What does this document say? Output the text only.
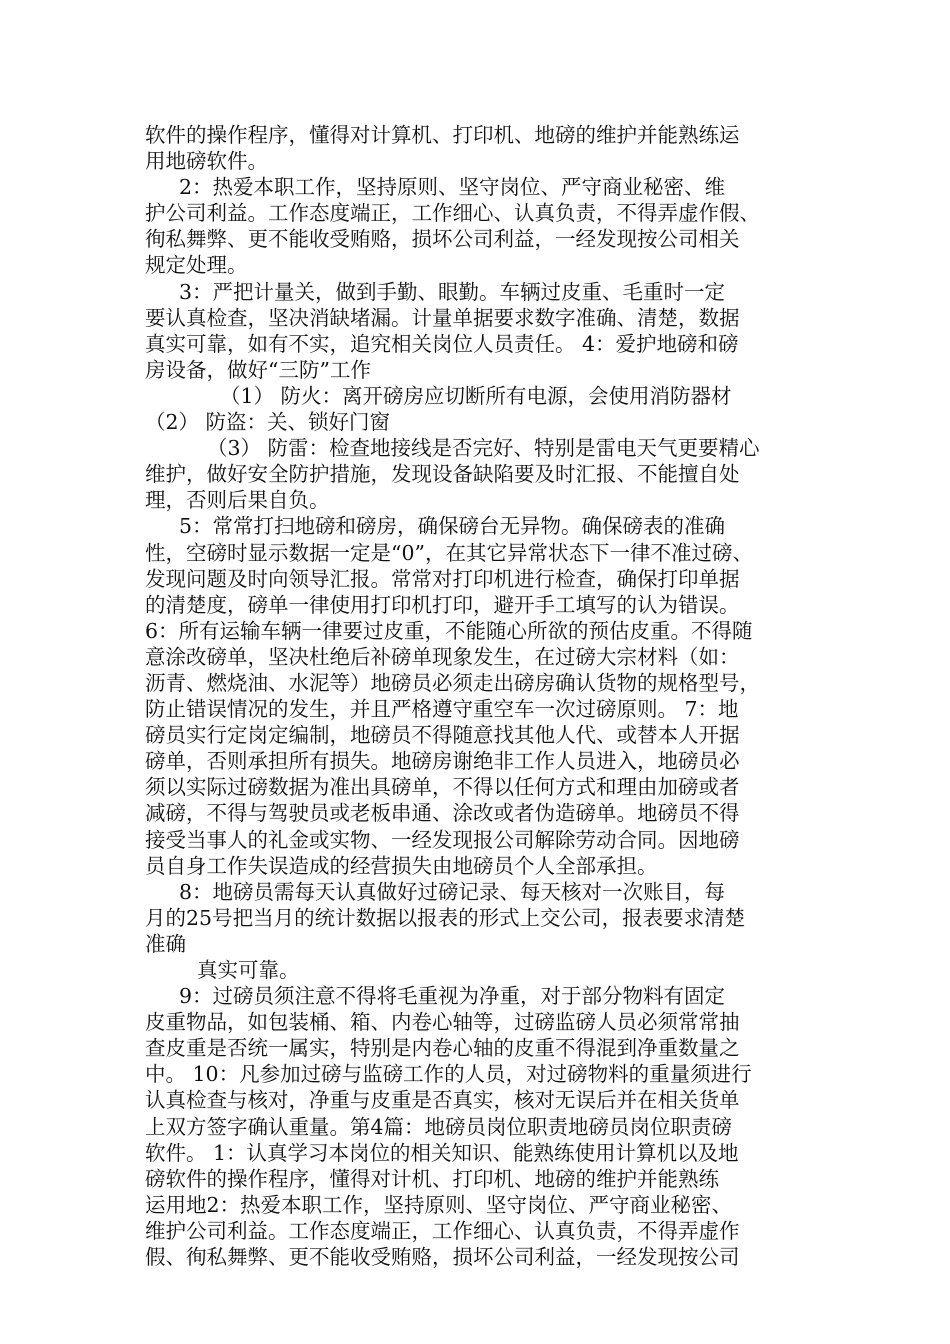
软件的操作程序，懂得对计算机、打印机、地磅的维护并能熟练运
用地磅软件。
2：热爱本职工作，坚持原则、坚守岗位、严守商业秘密、维
护公司利益。工作态度端正，工作细心、认真负责，不得弄虚作假、
徇私舞弊、更不能收受贿赂，损坏公司利益，一经发现按公司相关
规定处理。
3：严把计量关，做到手勤、眼勤。车辆过皮重、毛重时一定
要认真检查，坚决消缺堵漏。计量单据要求数字准确、清楚，数据
真实可靠，如有不实，追究相关岗位人员责任。 4：爱护地磅和磅
房设备，做好“三防”工作
（1） 防火：离开磅房应切断所有电源，会使用消防器材
（2） 防盗：关、锁好门窗
（3） 防雷：检查地接线是否完好、特别是雷电天气更要精心
维护，做好安全防护措施，发现设备缺陷要及时汇报、不能擅自处
理，否则后果自负。
5：常常打扫地磅和磅房，确保磅台无异物。确保磅表的准确
性，空磅时显示数据一定是“0”，在其它异常状态下一律不准过磅、
发现问题及时向领导汇报。常常对打印机进行检查，确保打印单据
的清楚度，磅单一律使用打印机打印，避开手工填写的认为错误。
6：所有运输车辆一律要过皮重，不能随心所欲的预估皮重。不得随
意涂改磅单，坚决杜绝后补磅单现象发生，在过磅大宗材料（如：
沥青、燃烧油、水泥等）地磅员必须走出磅房确认货物的规格型号，
防止错误情况的发生，并且严格遵守重空车一次过磅原则。 7：地
磅员实行定岗定编制，地磅员不得随意找其他人代、或替本人开据
磅单，否则承担所有损失。地磅房谢绝非工作人员进入，地磅员必
须以实际过磅数据为准出具磅单，不得以任何方式和理由加磅或者
减磅，不得与驾驶员或老板串通、涂改或者伪造磅单。地磅员不得
接受当事人的礼金或实物、一经发现报公司解除劳动合同。因地磅
员自身工作失误造成的经营损失由地磅员个人全部承担。
8：地磅员需每天认真做好过磅记录、每天核对一次账目，每
月的25号把当月的统计数据以报表的形式上交公司，报表要求清楚
准确
真实可靠。
9：过磅员须注意不得将毛重视为净重，对于部分物料有固定
皮重物品，如包装桶、箱、内卷心轴等，过磅监磅人员必须常常抽
查皮重是否统一属实，特别是内卷心轴的皮重不得混到净重数量之
中。 10：凡参加过磅与监磅工作的人员，对过磅物料的重量须进行
认真检查与核对，净重与皮重是否真实，核对无误后并在相关货单
上双方签字确认重量。第4篇：地磅员岗位职责地磅员岗位职责磅
软件。 1：认真学习本岗位的相关知识、能熟练使用计算机以及地
磅软件的操作程序，懂得对计机、打印机、地磅的维护并能熟练
运用地2：热爱本职工作，坚持原则、坚守岗位、严守商业秘密、
维护公司利益。工作态度端正，工作细心、认真负责，不得弄虚作
假、徇私舞弊、更不能收受贿赂，损坏公司利益，一经发现按公司
